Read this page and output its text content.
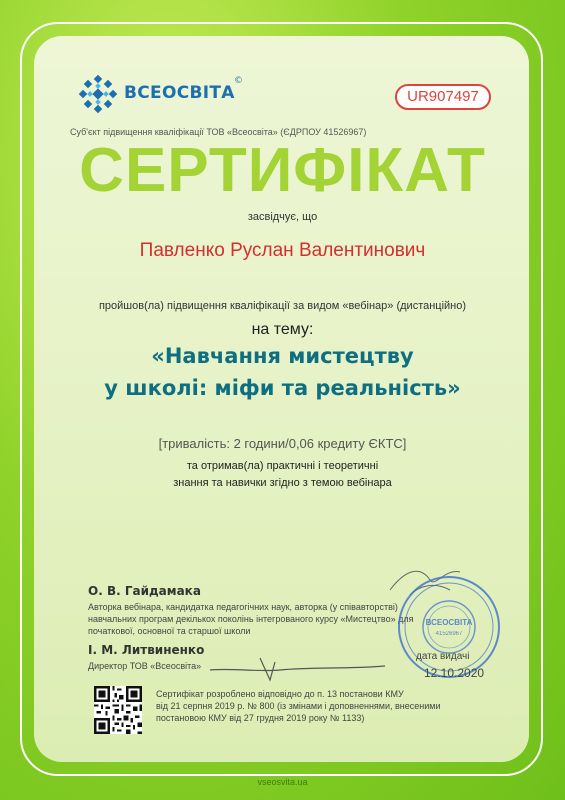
ВСЕОСВІТА
©
UR907497
Суб'єкт підвищення кваліфікації ТОВ «Всеосвіта» (ЄДРПОУ 41526967)
СЕРТИФІКАТ
засвідчує, що
Павленко Руслан Валентинович
пройшов(ла) підвищення кваліфікації за видом «вебінар» (дистанційно)
на тему:
«Навчання мистецтву
у школі: міфи та реальність»
[тривалість: 2 години/0,06 кредиту ЄКТС]
та отримав(ла) практичні і теоретичні
знання та навички згідно з темою вебінара
О. В. Гайдамака
Авторка вебінара, кандидатка педагогічних наук, авторка (у співавторстві)
навчальних програм декількох поколінь інтегрованого курсу «Мистецтво» для
початкової, основної та старшої школи
І. М. Литвиненко
Директор ТОВ «Всеосвіта»
ВСЕОСВІТА
41526967
дата видачі
12.10.2020
Сертифікат розроблено відповідно до п. 13 постанови КМУ
від 21 серпня 2019 р. № 800 (із змінами і доповненнями, внесеними
постановою КМУ від 27 грудня 2019 року № 1133)
vseosvita.ua
